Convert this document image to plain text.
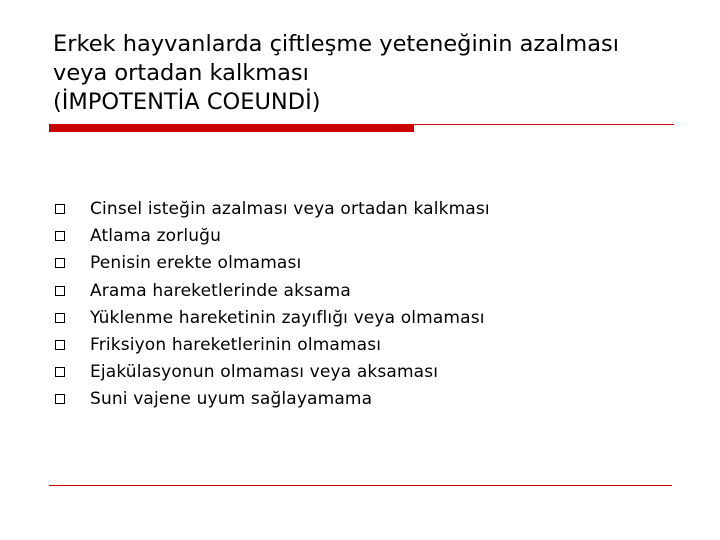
Erkek hayvanlarda çiftleşme yeteneğinin azalması
veya ortadan kalkması
(İMPOTENTİA COEUNDİ)
Cinsel isteğin azalması veya ortadan kalkması
Atlama zorluğu
Penisin erekte olmaması
Arama hareketlerinde aksama
Yüklenme hareketinin zayıflığı veya olmaması
Friksiyon hareketlerinin olmaması
Ejakülasyonun olmaması veya aksaması
Suni vajene uyum sağlayamama
